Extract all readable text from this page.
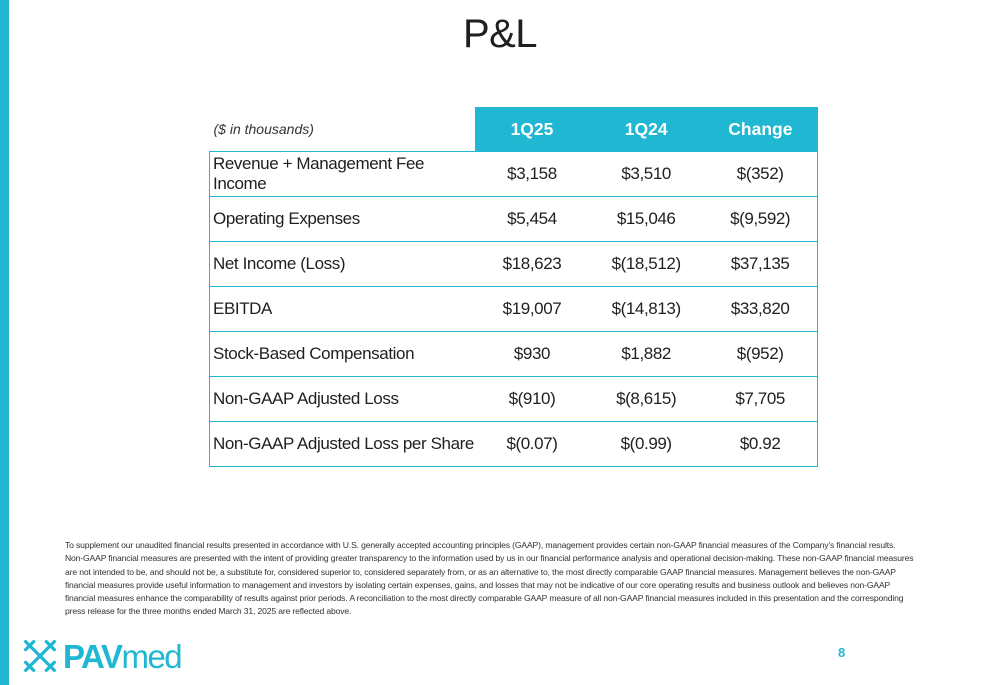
P&L
($ in thousands)	1Q25	1Q24	Change
Revenue + Management Fee Income	$3,158	$3,510	$(352)
Operating Expenses	$5,454	$15,046	$(9,592)
Net Income (Loss)	$18,623	$(18,512)	$37,135
EBITDA	$19,007	$(14,813)	$33,820
Stock-Based Compensation	$930	$1,882	$(952)
Non-GAAP Adjusted Loss	$(910)	$(8,615)	$7,705
Non-GAAP Adjusted Loss per Share	$(0.07)	$(0.99)	$0.92
To supplement our unaudited financial results presented in accordance with U.S. generally accepted accounting principles (GAAP), management provides certain non-GAAP financial measures of the Company’s financial results. Non-GAAP financial measures are presented with the intent of providing greater transparency to the information used by us in our financial performance analysis and operational decision-making. These non-GAAP financial measures are not intended to be, and should not be, a substitute for, considered superior to, considered separately from, or as an alternative to, the most directly comparable GAAP financial measures. Management believes the non-GAAP financial measures provide useful information to management and investors by isolating certain expenses, gains, and losses that may not be indicative of our core operating results and business outlook and believes non-GAAP financial measures enhance the comparability of results against prior periods. A reconciliation to the most directly comparable GAAP measure of all non-GAAP financial measures included in this presentation and the corresponding press release for the three months ended March 31, 2025 are reflected above.
PAVmed	8
